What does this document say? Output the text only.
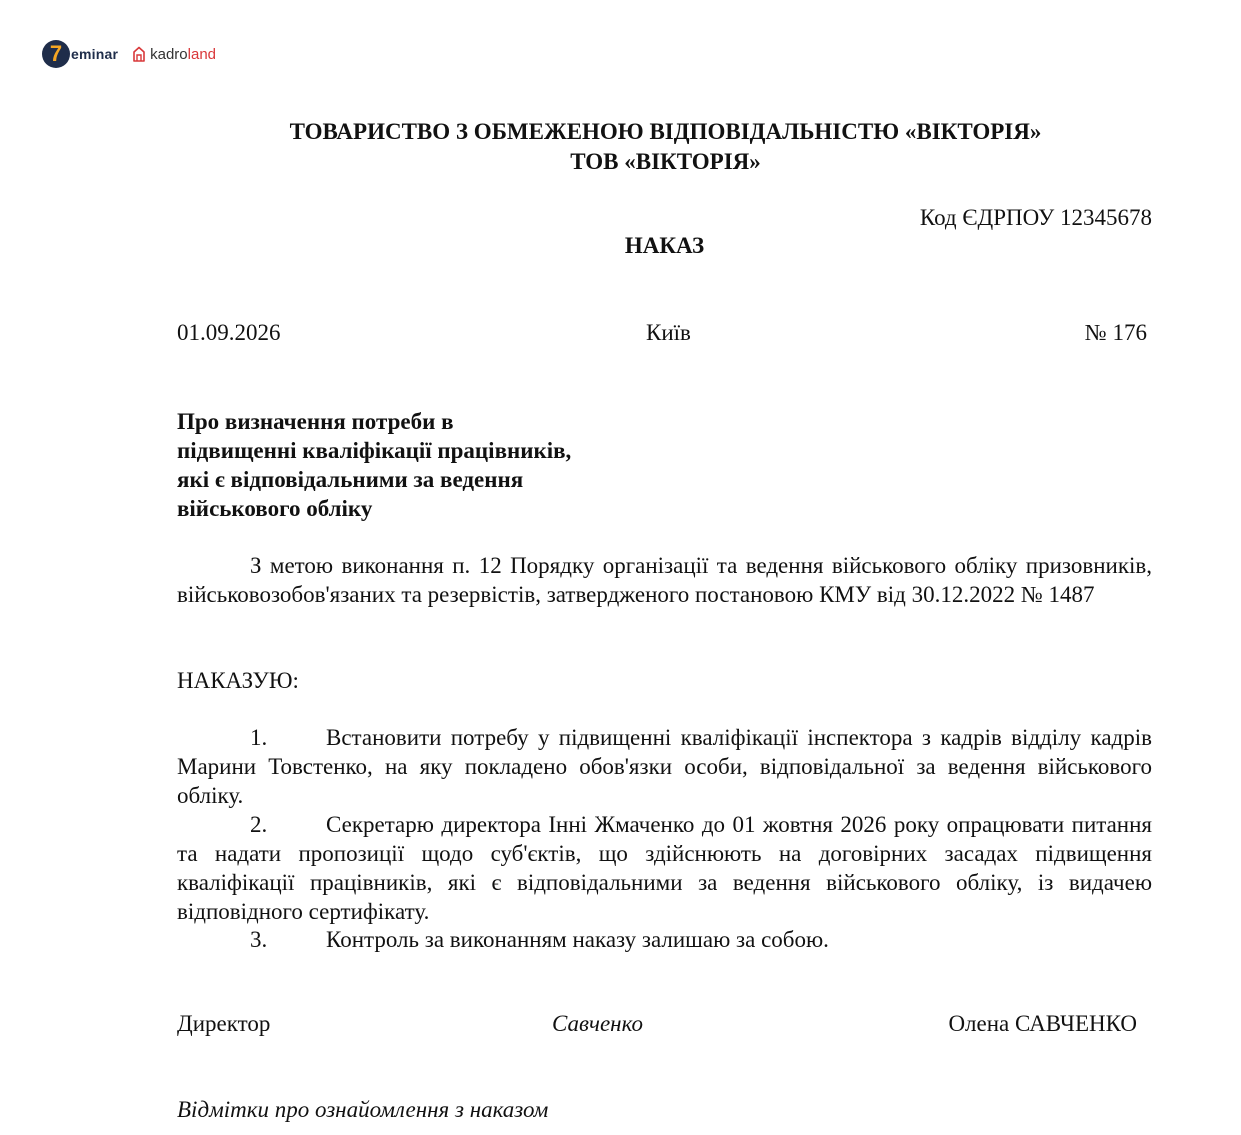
7 eminar kadro land
ТОВАРИСТВО З ОБМЕЖЕНОЮ ВІДПОВІДАЛЬНІСТЮ «ВІКТОРІЯ»
ТОВ «ВІКТОРІЯ»
Код ЄДРПОУ 12345678
НАКАЗ
01.09.2026	Київ	№ 176
Про визначення потреби в
підвищенні кваліфікації працівників,
які є відповідальними за ведення
військового обліку
З метою виконання п. 12 Порядку організації та ведення військового обліку призовників, військовозобов'язаних та резервістів, затвердженого постановою КМУ від 30.12.2022 № 1487
НАКАЗУЮ:
1.	Встановити потребу у підвищенні кваліфікації інспектора з кадрів відділу кадрів Марини Товстенко, на яку покладено обов'язки особи, відповідальної за ведення військового обліку.
2.	Секретарю директора Інні Жмаченко до 01 жовтня 2026 року опрацювати питання та надати пропозиції щодо суб'єктів, що здійснюють на договірних засадах підвищення кваліфікації працівників, які є відповідальними за ведення військового обліку, із видачею відповідного сертифікату.
3.	Контроль за виконанням наказу залишаю за собою.
Директор	Савченко	Олена САВЧЕНКО
Відмітки про ознайомлення з наказом
